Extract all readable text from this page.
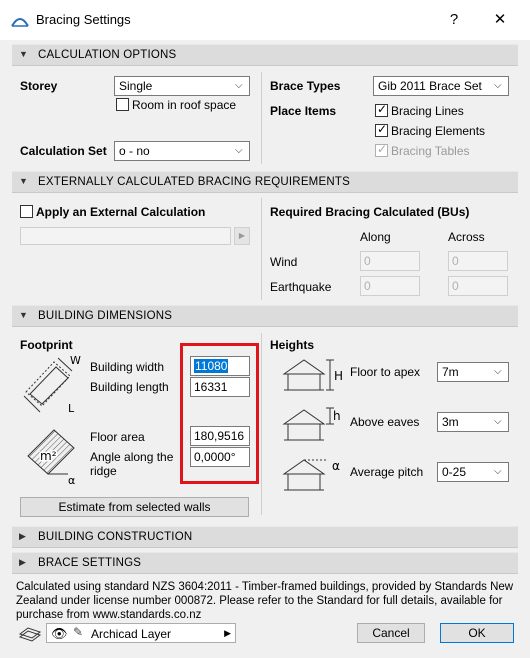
Bracing Settings	?	✕
▼ CALCULATION OPTIONS
Storey	Single	⌵
Room in roof space
Calculation Set	o - no	⌵
Brace Types	Gib 2011 Brace Set ⌵
Place Items
✓	Bracing Lines
✓
Bracing Elements
✓
Bracing Tables
▼ EXTERNALLY CALCULATED BRACING REQUIREMENTS
Apply an External Calculation
▶
Required Bracing Calculated (BUs)
Along	Across
Wind	0	0
Earthquake	0	0
▼ BUILDING DIMENSIONS
Footprint
W
L
Building width
Building length
11080
16331
m²
α
Floor area
Angle along the ridge
180,9516
0,0000°
Estimate from selected walls
Heights
H Floor to apex	7m	⌵
h Above eaves	3m	⌵
α Average pitch	0-25	⌵
▶ BUILDING CONSTRUCTION
▶ BRACE SETTINGS
Calculated using standard NZS 3604:2011 - Timber-framed buildings, provided by Standards New Zealand under license number 000872. Please refer to the Standard for full details, available for purchase from www.standards.co.nz
👁 ✎ Archicad Layer	▶	Cancel	OK
